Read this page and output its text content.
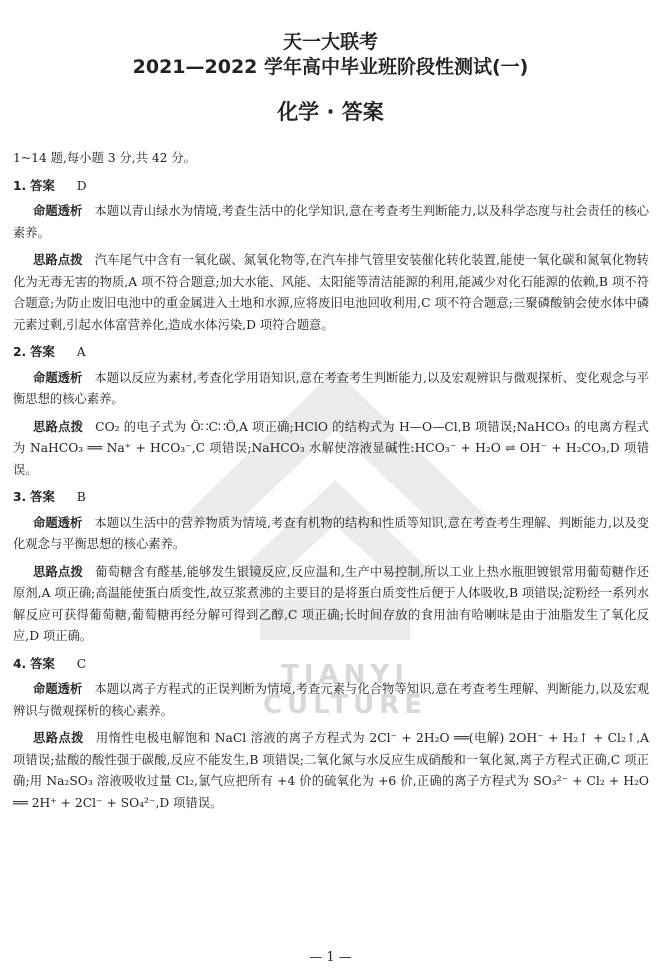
TIANYI CULTURE
天一大联考
2021—2022 学年高中毕业班阶段性测试(一)
化学 · 答案
1~14 题,每小题 3 分,共 42 分。
1. 答案 D

命题透析 本题以青山绿水为情境,考查生活中的化学知识,意在考查考生判断能力,以及科学态度与社会责任的核心素养。

思路点拨 汽车尾气中含有一氧化碳、氮氧化物等,在汽车排气管里安装催化转化装置,能使一氧化碳和氮氧化物转化为无毒无害的物质,A 项不符合题意;加大水能、风能、太阳能等清洁能源的利用,能减少对化石能源的依赖,B 项不符合题意;为防止废旧电池中的重金属进入土地和水源,应将废旧电池回收利用,C 项不符合题意;三聚磷酸钠会使水体中磷元素过剩,引起水体富营养化,造成水体污染,D 项符合题意。

2. 答案 A

命题透析 本题以反应为素材,考查化学用语知识,意在考查考生判断能力,以及宏观辨识与微观探析、变化观念与平衡思想的核心素养。

思路点拨 CO₂ 的电子式为 Ö∷C∷Ö,A 项正确;HClO 的结构式为 H—O—Cl,B 项错误;NaHCO₃ 的电离方程式为 NaHCO₃ ══ Na⁺ + HCO₃⁻,C 项错误;NaHCO₃ 水解使溶液显碱性:HCO₃⁻ + H₂O ⇌ OH⁻ + H₂CO₃,D 项错误。

3. 答案 B

命题透析 本题以生活中的营养物质为情境,考查有机物的结构和性质等知识,意在考查考生理解、判断能力,以及变化观念与平衡思想的核心素养。

思路点拨 葡萄糖含有醛基,能够发生银镜反应,反应温和,生产中易控制,所以工业上热水瓶胆镀银常用葡萄糖作还原剂,A 项正确;高温能使蛋白质变性,故豆浆煮沸的主要目的是将蛋白质变性后便于人体吸收,B 项错误;淀粉经一系列水解反应可获得葡萄糖,葡萄糖再经分解可得到乙醇,C 项正确;长时间存放的食用油有哈喇味是由于油脂发生了氧化反应,D 项正确。

4. 答案 C

命题透析 本题以离子方程式的正误判断为情境,考查元素与化合物等知识,意在考查考生理解、判断能力,以及宏观辨识与微观探析的核心素养。

思路点拨 用惰性电极电解饱和 NaCl 溶液的离子方程式为 2Cl⁻ + 2H₂O ══(电解) 2OH⁻ + H₂↑ + Cl₂↑,A 项错误;盐酸的酸性强于碳酸,反应不能发生,B 项错误;二氧化氮与水反应生成硝酸和一氧化氮,离子方程式正确,C 项正确;用 Na₂SO₃ 溶液吸收过量 Cl₂,氯气应把所有 +4 价的硫氧化为 +6 价,正确的离子方程式为 SO₃²⁻ + Cl₂ + H₂O ══ 2H⁺ + 2Cl⁻ + SO₄²⁻,D 项错误。

— 1 —
